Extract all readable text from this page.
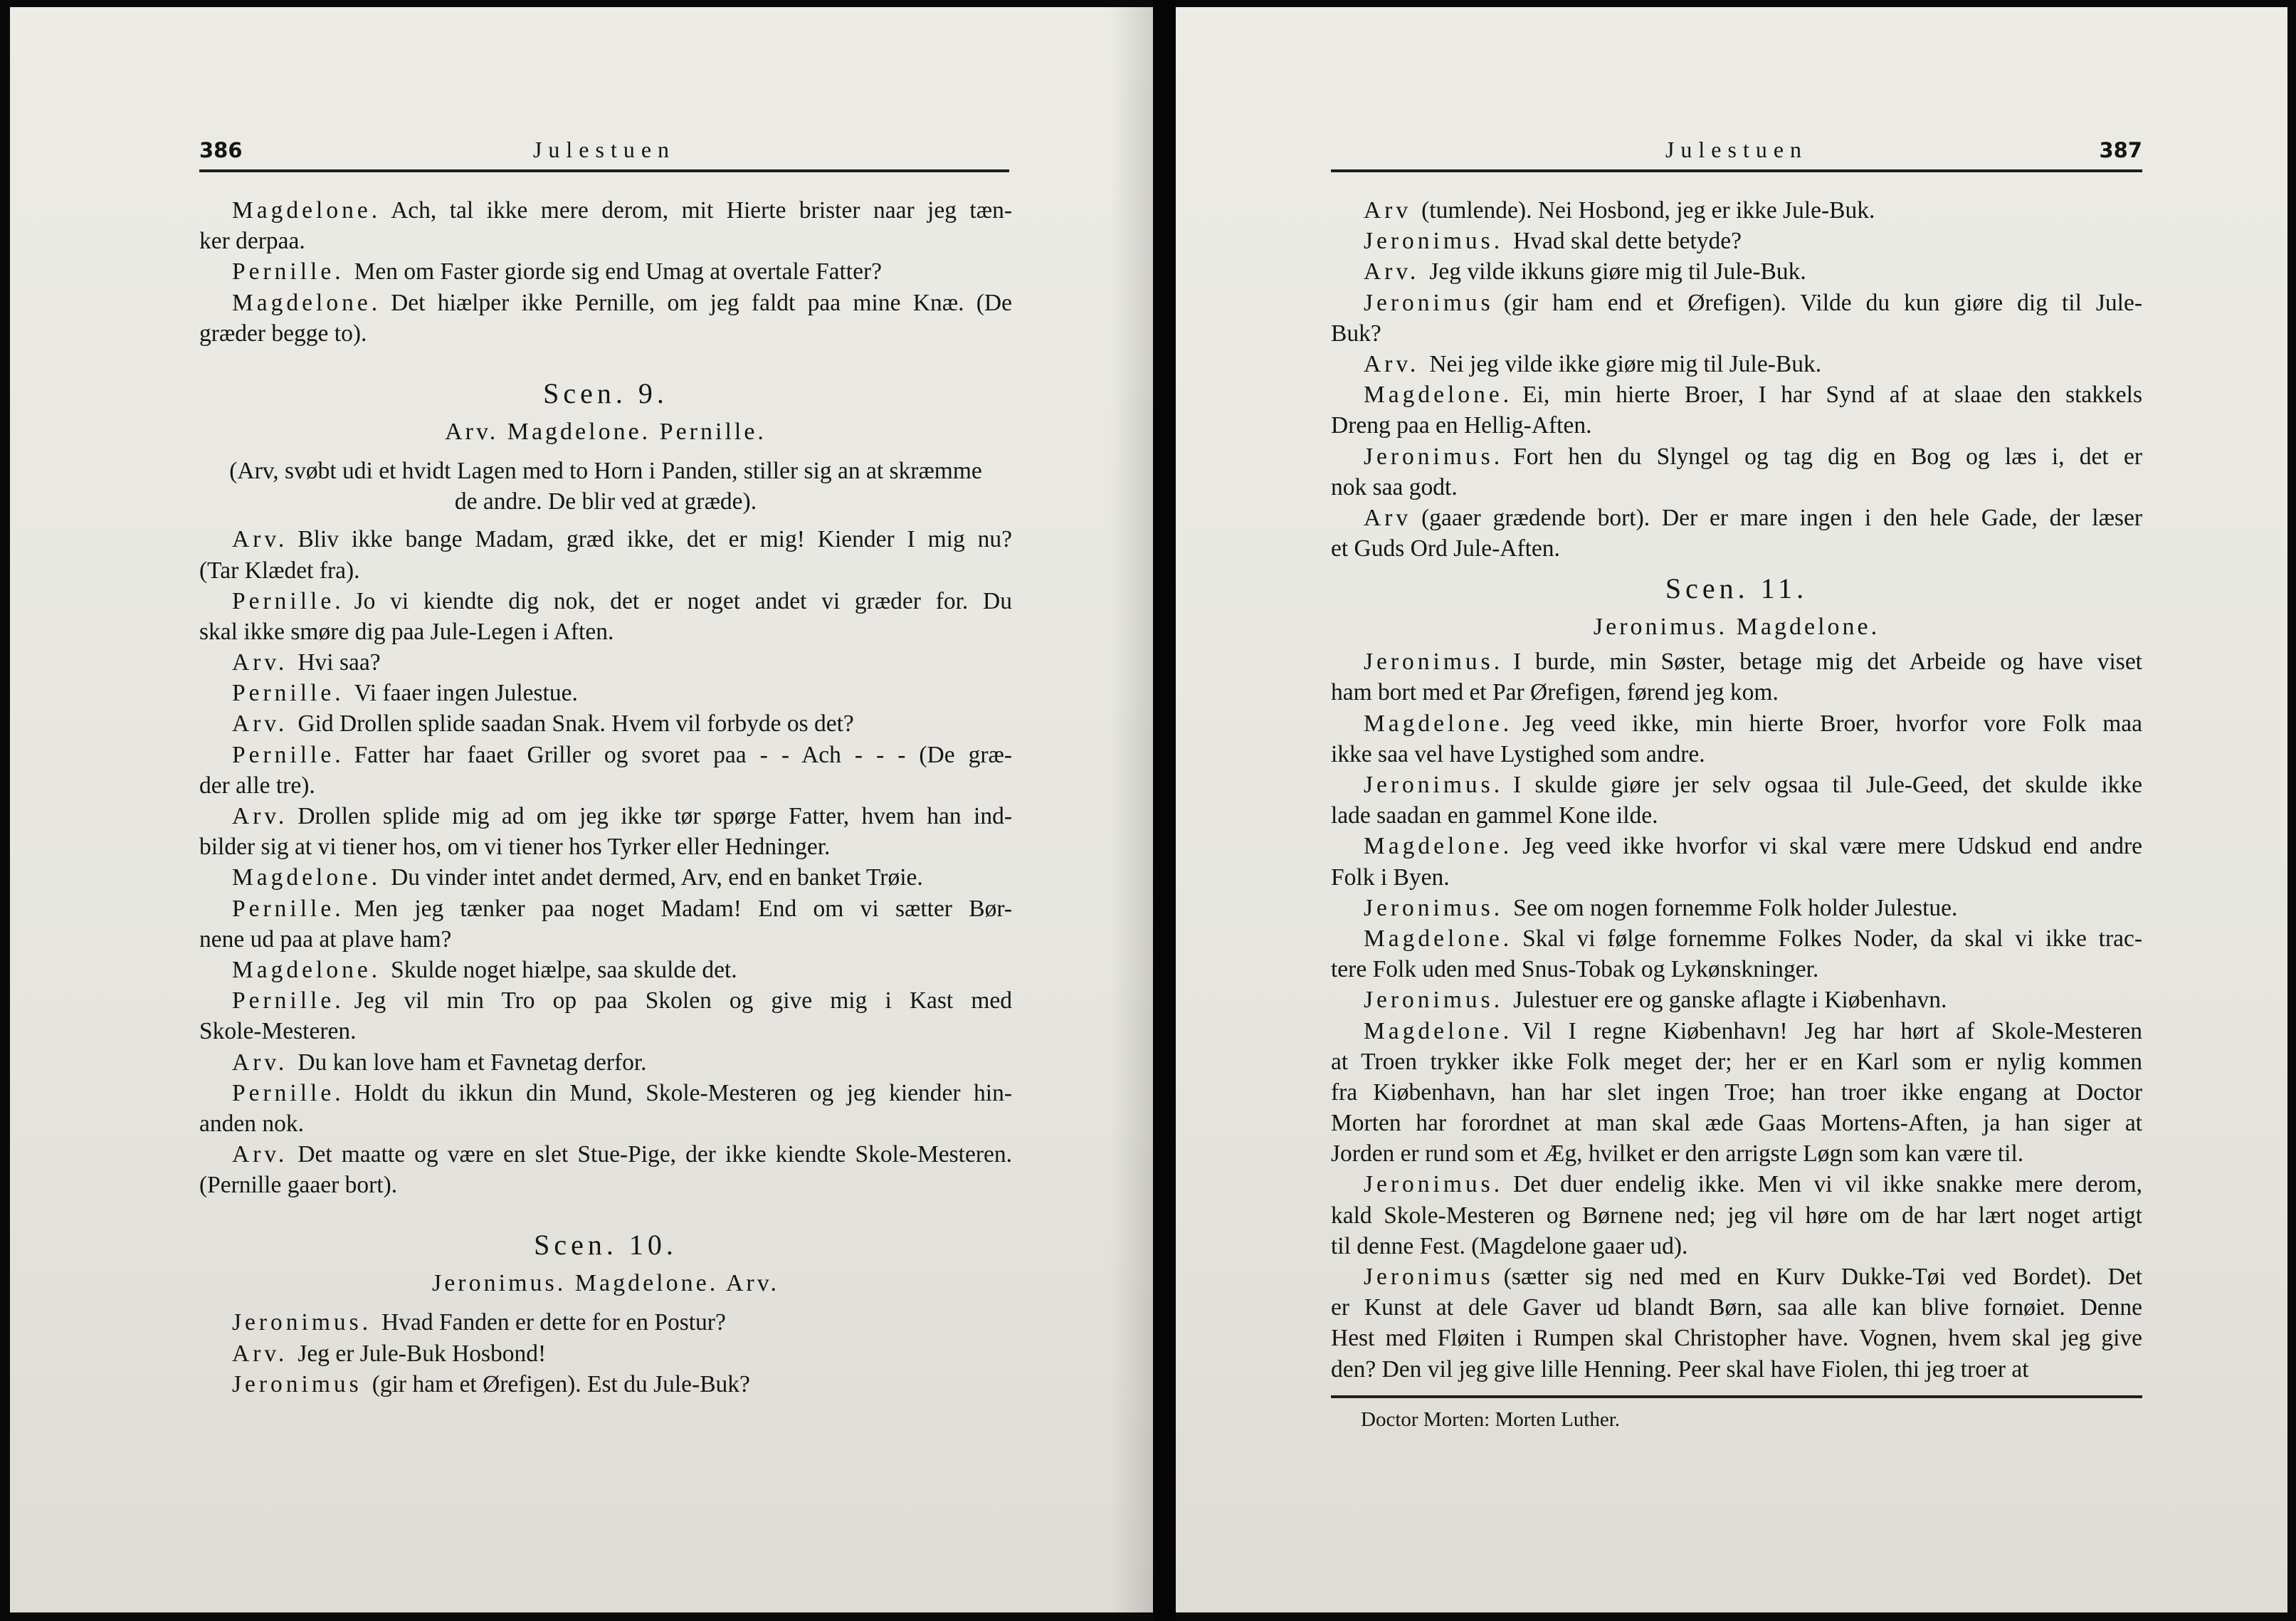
386	Julestuen
Magdelone. Ach, tal ikke mere derom, mit Hierte brister naar jeg tæn-
ker derpaa.
Pernille. Men om Faster giorde sig end Umag at overtale Fatter?
Magdelone. Det hiælper ikke Pernille, om jeg faldt paa mine Knæ. (De
græder begge to).
Scen. 9.
Arv. Magdelone. Pernille.
(Arv, svøbt udi et hvidt Lagen med to Horn i Panden, stiller sig an at skræmme
de andre. De blir ved at græde).
Arv. Bliv ikke bange Madam, græd ikke, det er mig! Kiender I mig nu?
(Tar Klædet fra).
Pernille. Jo vi kiendte dig nok, det er noget andet vi græder for. Du
skal ikke smøre dig paa Jule-Legen i Aften.
Arv. Hvi saa?
Pernille. Vi faaer ingen Julestue.
Arv. Gid Drollen splide saadan Snak. Hvem vil forbyde os det?
Pernille. Fatter har faaet Griller og svoret paa - - Ach - - - (De græ-
der alle tre).
Arv. Drollen splide mig ad om jeg ikke tør spørge Fatter, hvem han ind-
bilder sig at vi tiener hos, om vi tiener hos Tyrker eller Hedninger.
Magdelone. Du vinder intet andet dermed, Arv, end en banket Trøie.
Pernille. Men jeg tænker paa noget Madam! End om vi sætter Bør-
nene ud paa at plave ham?
Magdelone. Skulde noget hiælpe, saa skulde det.
Pernille. Jeg vil min Tro op paa Skolen og give mig i Kast med
Skole-Mesteren.
Arv. Du kan love ham et Favnetag derfor.
Pernille. Holdt du ikkun din Mund, Skole-Mesteren og jeg kiender hin-
anden nok.
Arv. Det maatte og være en slet Stue-Pige, der ikke kiendte Skole-Mesteren.
(Pernille gaaer bort).
Scen. 10.
Jeronimus. Magdelone. Arv.
Jeronimus. Hvad Fanden er dette for en Postur?
Arv. Jeg er Jule-Buk Hosbond!
Jeronimus (gir ham et Ørefigen). Est du Jule-Buk?
Julestuen	387
Arv (tumlende). Nei Hosbond, jeg er ikke Jule-Buk.
Jeronimus. Hvad skal dette betyde?
Arv. Jeg vilde ikkuns giøre mig til Jule-Buk.
Jeronimus (gir ham end et Ørefigen). Vilde du kun giøre dig til Jule-
Buk?
Arv. Nei jeg vilde ikke giøre mig til Jule-Buk.
Magdelone. Ei, min hierte Broer, I har Synd af at slaae den stakkels
Dreng paa en Hellig-Aften.
Jeronimus. Fort hen du Slyngel og tag dig en Bog og læs i, det er
nok saa godt.
Arv (gaaer grædende bort). Der er mare ingen i den hele Gade, der læser
et Guds Ord Jule-Aften.
Scen. 11.
Jeronimus. Magdelone.
Jeronimus. I burde, min Søster, betage mig det Arbeide og have viset
ham bort med et Par Ørefigen, førend jeg kom.
Magdelone. Jeg veed ikke, min hierte Broer, hvorfor vore Folk maa
ikke saa vel have Lystighed som andre.
Jeronimus. I skulde giøre jer selv ogsaa til Jule-Geed, det skulde ikke
lade saadan en gammel Kone ilde.
Magdelone. Jeg veed ikke hvorfor vi skal være mere Udskud end andre
Folk i Byen.
Jeronimus. See om nogen fornemme Folk holder Julestue.
Magdelone. Skal vi følge fornemme Folkes Noder, da skal vi ikke trac-
tere Folk uden med Snus-Tobak og Lykønskninger.
Jeronimus. Julestuer ere og ganske aflagte i Kiøbenhavn.
Magdelone. Vil I regne Kiøbenhavn! Jeg har hørt af Skole-Mesteren
at Troen trykker ikke Folk meget der; her er en Karl som er nylig kommen
fra Kiøbenhavn, han har slet ingen Troe; han troer ikke engang at Doctor
Morten har forordnet at man skal æde Gaas Mortens-Aften, ja han siger at
Jorden er rund som et Æg, hvilket er den arrigste Løgn som kan være til.
Jeronimus. Det duer endelig ikke. Men vi vil ikke snakke mere derom,
kald Skole-Mesteren og Børnene ned; jeg vil høre om de har lært noget artigt
til denne Fest. (Magdelone gaaer ud).
Jeronimus (sætter sig ned med en Kurv Dukke-Tøi ved Bordet). Det
er Kunst at dele Gaver ud blandt Børn, saa alle kan blive fornøiet. Denne
Hest med Fløiten i Rumpen skal Christopher have. Vognen, hvem skal jeg give
den? Den vil jeg give lille Henning. Peer skal have Fiolen, thi jeg troer at
Doctor Morten: Morten Luther.
